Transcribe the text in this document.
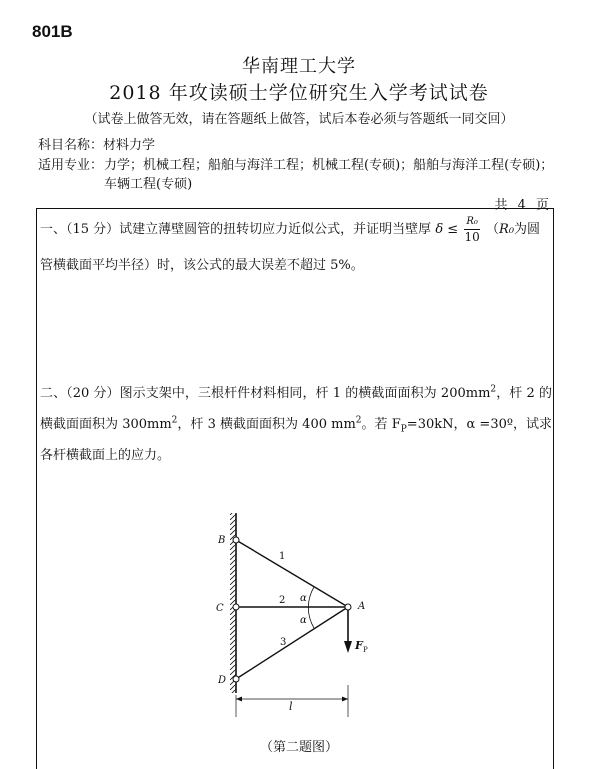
801B
华南理工大学
2018 年攻读硕士学位研究生入学考试试卷
（试卷上做答无效，请在答题纸上做答，试后本卷必须与答题纸一同交回）
科目名称：材料力学
适用专业： 力学；机械工程；船舶与海洋工程；机械工程(专硕)；船舶与海洋工程(专硕)；车辆工程(专硕)
共 4 页
一、（15 分）试建立薄壁圆管的扭转切应力近似公式，并证明当壁厚 $\delta \le \frac{\text{R₀}}{10} (R_0$为圆
管横截面平均半径）时，该公式的最大误差不超过 5%。
二、（20 分）图示支架中，三根杆件材料相同，杆 1 的横截面面积为 $200mm^2$，杆 2 的横截面面积为 $300mm^2$，杆 3 横截面面积为 400 $mm^2$。若 $F_P=30kN$，α =30º，试求各杆横截面上的应力。
B
C
D
A
1
2
3
α
α
F P
l
（第二题图）
